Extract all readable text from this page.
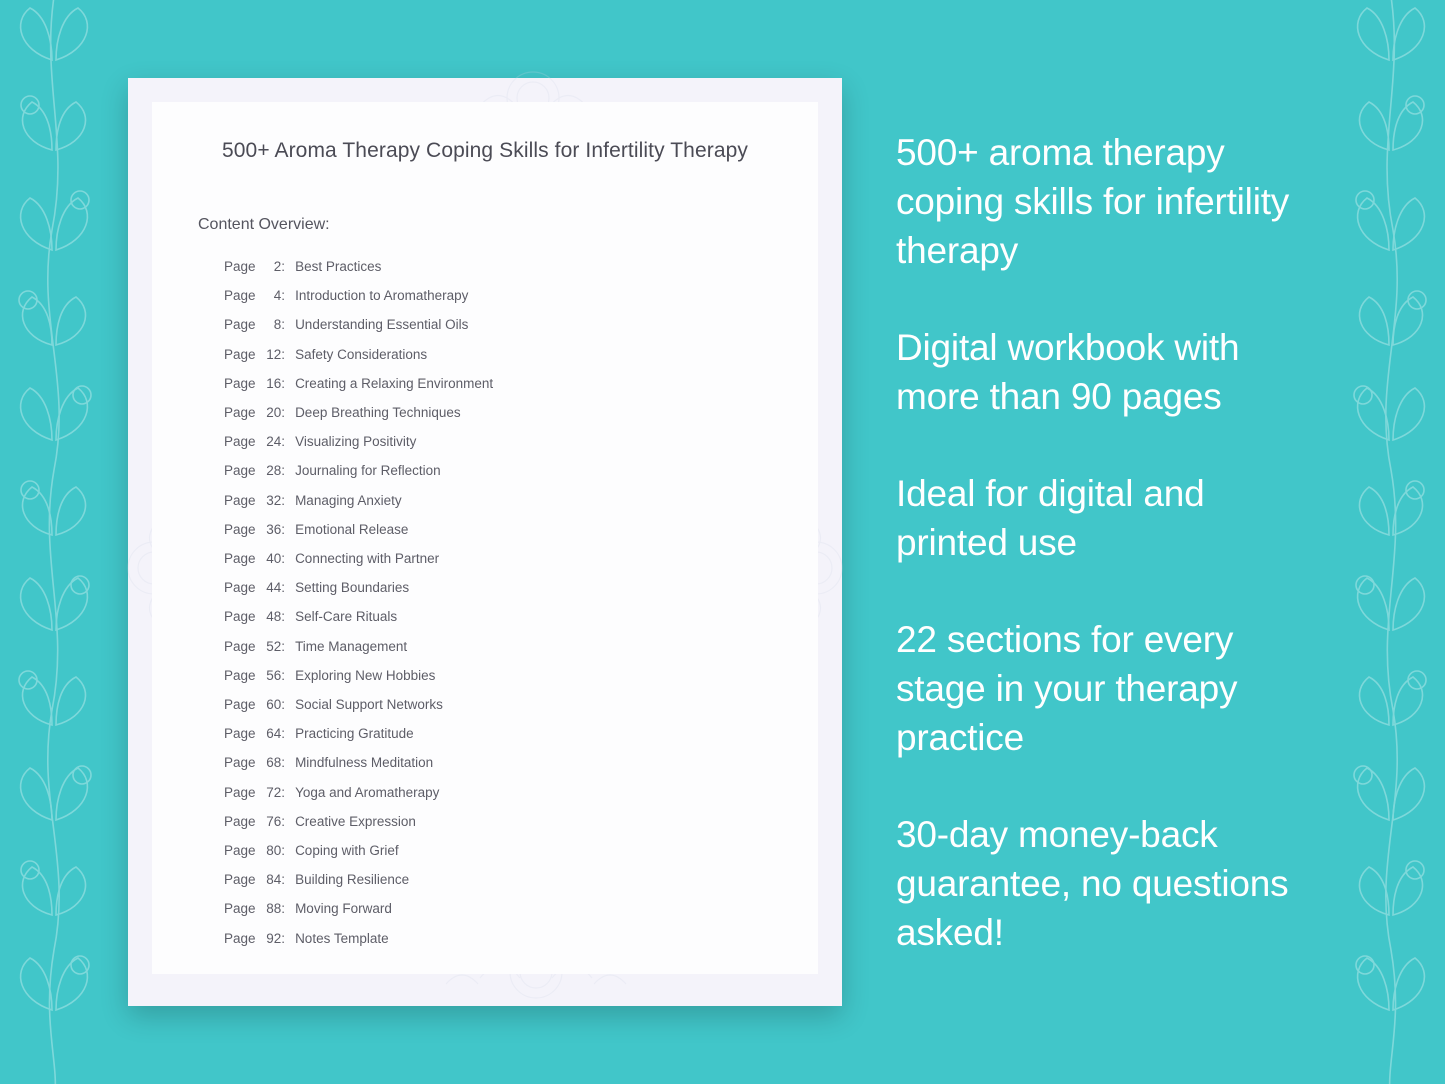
500+ Aroma Therapy Coping Skills for Infertility Therapy
Content Overview:
Page 2: Best Practices
Page 4: Introduction to Aromatherapy
Page 8: Understanding Essential Oils
Page 12: Safety Considerations
Page 16: Creating a Relaxing Environment
Page 20: Deep Breathing Techniques
Page 24: Visualizing Positivity
Page 28: Journaling for Reflection
Page 32: Managing Anxiety
Page 36: Emotional Release
Page 40: Connecting with Partner
Page 44: Setting Boundaries
Page 48: Self-Care Rituals
Page 52: Time Management
Page 56: Exploring New Hobbies
Page 60: Social Support Networks
Page 64: Practicing Gratitude
Page 68: Mindfulness Meditation
Page 72: Yoga and Aromatherapy
Page 76: Creative Expression
Page 80: Coping with Grief
Page 84: Building Resilience
Page 88: Moving Forward
Page 92: Notes Template

500+ aroma therapy coping skills for infertility therapy

Digital workbook with more than 90 pages

Ideal for digital and printed use

22 sections for every stage in your therapy practice

30-day money-back guarantee, no questions asked!
